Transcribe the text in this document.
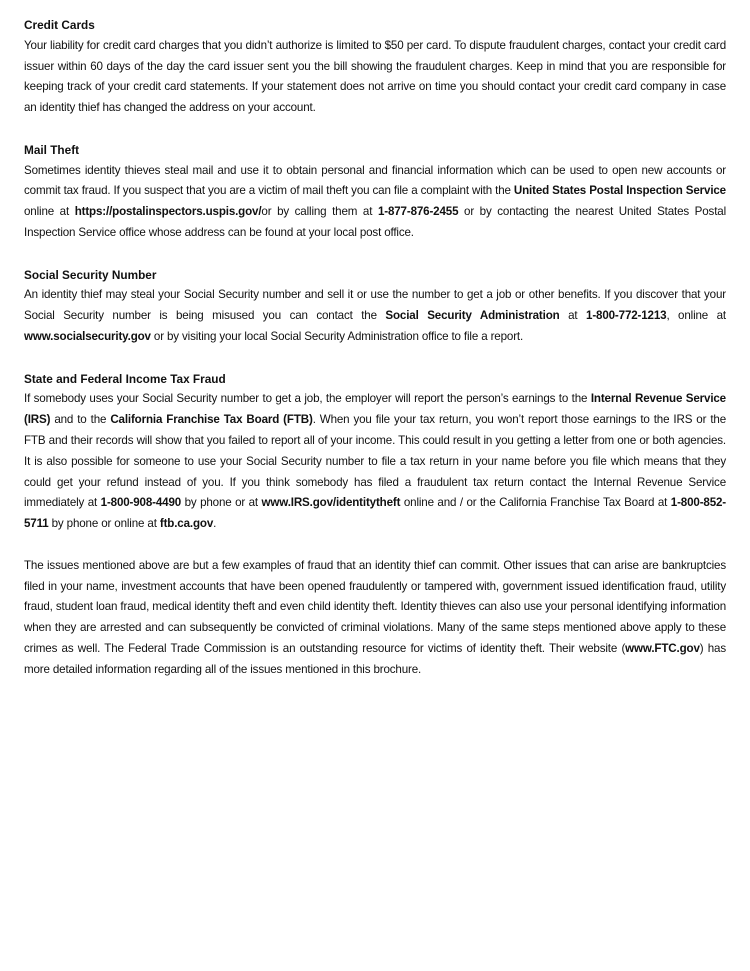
Credit Cards

Your liability for credit card charges that you didn’t authorize is limited to $50 per card. To dispute fraudulent charges, contact your credit card issuer within 60 days of the day the card issuer sent you the bill showing the fraudulent charges. Keep in mind that you are responsible for keeping track of your credit card statements. If your statement does not arrive on time you should contact your credit card company in case an identity thief has changed the address on your account.

Mail Theft

Sometimes identity thieves steal mail and use it to obtain personal and financial information which can be used to open new accounts or commit tax fraud. If you suspect that you are a victim of mail theft you can file a complaint with the United States Postal Inspection Service online at https://postalinspectors.uspis.gov/or by calling them at 1-877-876-2455 or by contacting the nearest United States Postal Inspection Service office whose address can be found at your local post office.

Social Security Number

An identity thief may steal your Social Security number and sell it or use the number to get a job or other benefits. If you discover that your Social Security number is being misused you can contact the Social Security Administration at 1-800-772-1213, online at www.socialsecurity.gov or by visiting your local Social Security Administration office to file a report.

State and Federal Income Tax Fraud

If somebody uses your Social Security number to get a job, the employer will report the person’s earnings to the Internal Revenue Service (IRS) and to the California Franchise Tax Board (FTB). When you file your tax return, you won’t report those earnings to the IRS or the FTB and their records will show that you failed to report all of your income. This could result in you getting a letter from one or both agencies. It is also possible for someone to use your Social Security number to file a tax return in your name before you file which means that they could get your refund instead of you. If you think somebody has filed a fraudulent tax return contact the Internal Revenue Service immediately at 1-800-908-4490 by phone or at www.IRS.gov/identitytheft online and / or the California Franchise Tax Board at 1-800-852-5711 by phone or online at ftb.ca.gov.

The issues mentioned above are but a few examples of fraud that an identity thief can commit. Other issues that can arise are bankruptcies filed in your name, investment accounts that have been opened fraudulently or tampered with, government issued identification fraud, utility fraud, student loan fraud, medical identity theft and even child identity theft. Identity thieves can also use your personal identifying information when they are arrested and can subsequently be convicted of criminal violations. Many of the same steps mentioned above apply to these crimes as well. The Federal Trade Commission is an outstanding resource for victims of identity theft. Their website (www.FTC.gov) has more detailed information regarding all of the issues mentioned in this brochure.
